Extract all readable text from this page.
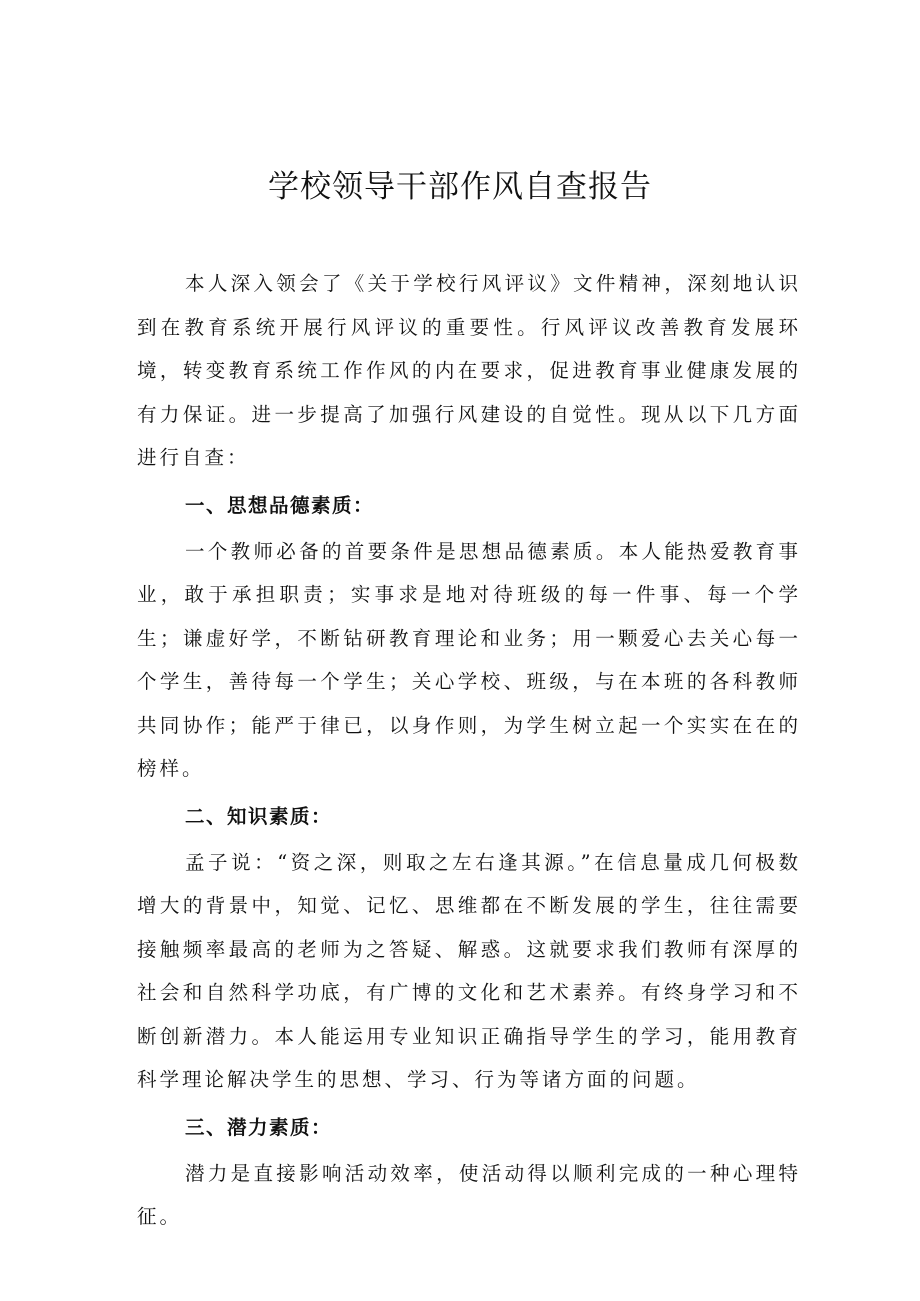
学校领导干部作风自查报告

本人深入领会了《关于学校行风评议》文件精神，深刻地认识到在教育系统开展行风评议的重要性。行风评议改善教育发展环境，转变教育系统工作作风的内在要求，促进教育事业健康发展的有力保证。进一步提高了加强行风建设的自觉性。现从以下几方面进行自查：

一、思想品德素质：

一个教师必备的首要条件是思想品德素质。本人能热爱教育事业，敢于承担职责；实事求是地对待班级的每一件事、每一个学生；谦虚好学，不断钻研教育理论和业务；用一颗爱心去关心每一个学生，善待每一个学生；关心学校、班级，与在本班的各科教师共同协作；能严于律已，以身作则，为学生树立起一个实实在在的榜样。

二、知识素质：

孟子说：“资之深，则取之左右逢其源。”在信息量成几何极数增大的背景中，知觉、记忆、思维都在不断发展的学生，往往需要接触频率最高的老师为之答疑、解惑。这就要求我们教师有深厚的社会和自然科学功底，有广博的文化和艺术素养。有终身学习和不断创新潜力。本人能运用专业知识正确指导学生的学习，能用教育科学理论解决学生的思想、学习、行为等诸方面的问题。

三、潜力素质：

潜力是直接影响活动效率，使活动得以顺利完成的一种心理特征。
